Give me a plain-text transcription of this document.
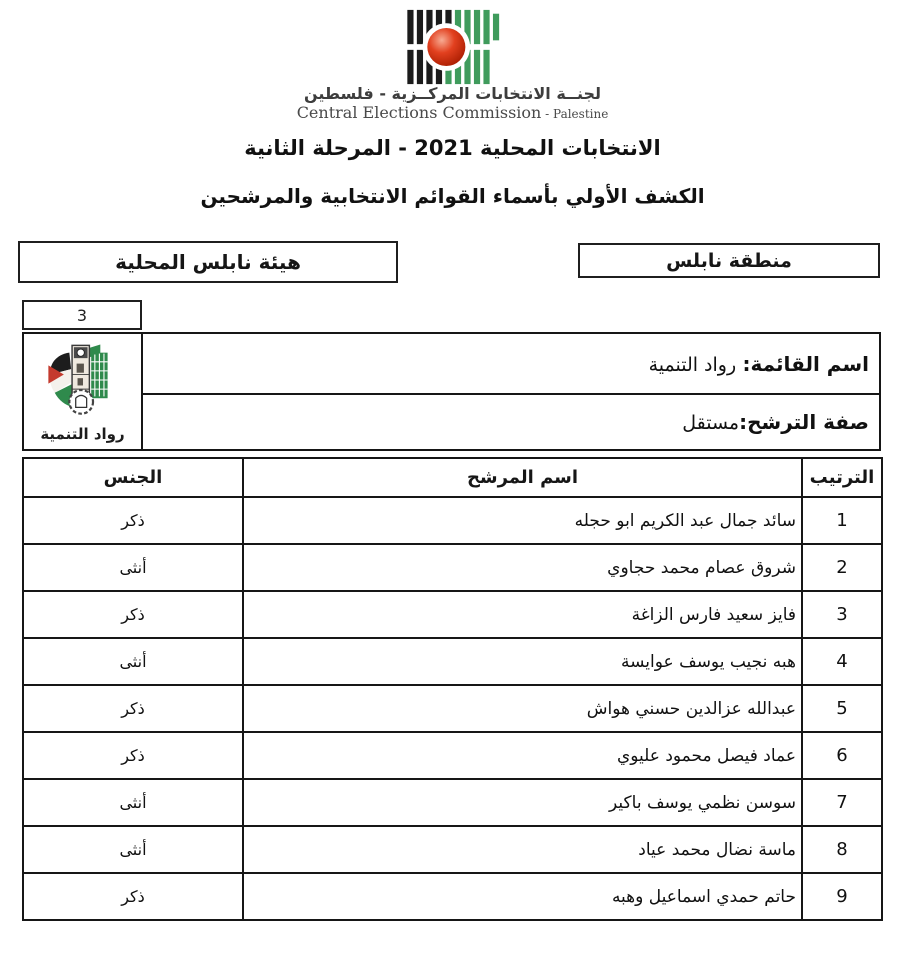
لجنــة الانتخابات المركــزية - فلسطين
Central Elections Commission - Palestine
الانتخابات المحلية 2021 - المرحلة الثانية
الكشف الأولي بأسماء القوائم الانتخابية والمرشحين
هيئة نابلس المحلية	منطقة نابلس
3
اسم القائمة: رواد التنمية	
رواد التنمية

صفة الترشح:مستقل
الترتيب	اسم المرشح	الجنس
1	سائد جمال عبد الكريم ابو حجله	ذكر
2	شروق عصام محمد حجاوي	أنثى
3	فايز سعيد فارس الزاغة	ذكر
4	هبه نجيب يوسف عوايسة	أنثى
5	عبدالله عزالدين حسني هواش	ذكر
6	عماد فيصل محمود عليوي	ذكر
7	سوسن نظمي يوسف باكير	أنثى
8	ماسة نضال محمد عياد	أنثى
9	حاتم حمدي اسماعيل وهبه	ذكر
